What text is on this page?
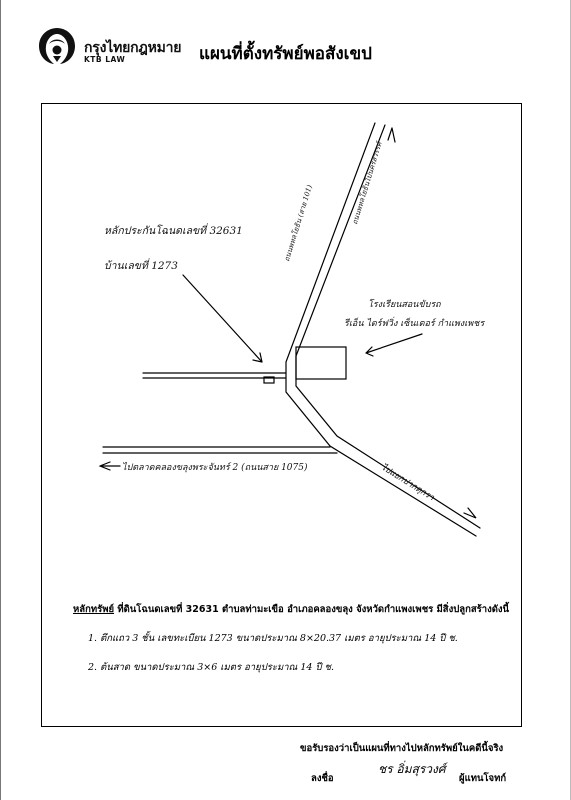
กรุงไทยกฎหมาย
KTB LAW	แผนที่ตั้งทรัพย์พอสังเขป
หลักประกันโฉนดเลขที่ 32631
บ้านเลขที่ 1273
โรงเรียนสอนขับรถ
รีเอ็น ไดร์ฟวิ่ง เซ็นเตอร์ กำแพงเพชร
ไปตลาดคลองขลุงพระจันทร์ 2 (ถนนสาย 1075)
ถนนพหลโยธิน (สาย 101)	ถนนพหลโยธินไปนครสวรรค์
ไปแยกปากดุกรา
หลักทรัพย์ ที่ดินโฉนดเลขที่ 32631 ตำบลท่ามะเขือ อำเภอคลองขลุง จังหวัดกำแพงเพชร มีสิ่งปลูกสร้างดังนี้
1. ตึกแถว 3 ชั้น เลขทะเบียน 1273 ขนาดประมาณ 8×20.37 เมตร อายุประมาณ 14 ปี ช.
2. ต้นสาด ขนาดประมาณ 3×6 เมตร อายุประมาณ 14 ปี ช.
ขอรับรองว่าเป็นแผนที่ทางไปหลักทรัพย์ในคดีนี้จริง
ลงชื่อ
ชร อิ่มสุรวงศ์
ผู้แทนโจทก์
